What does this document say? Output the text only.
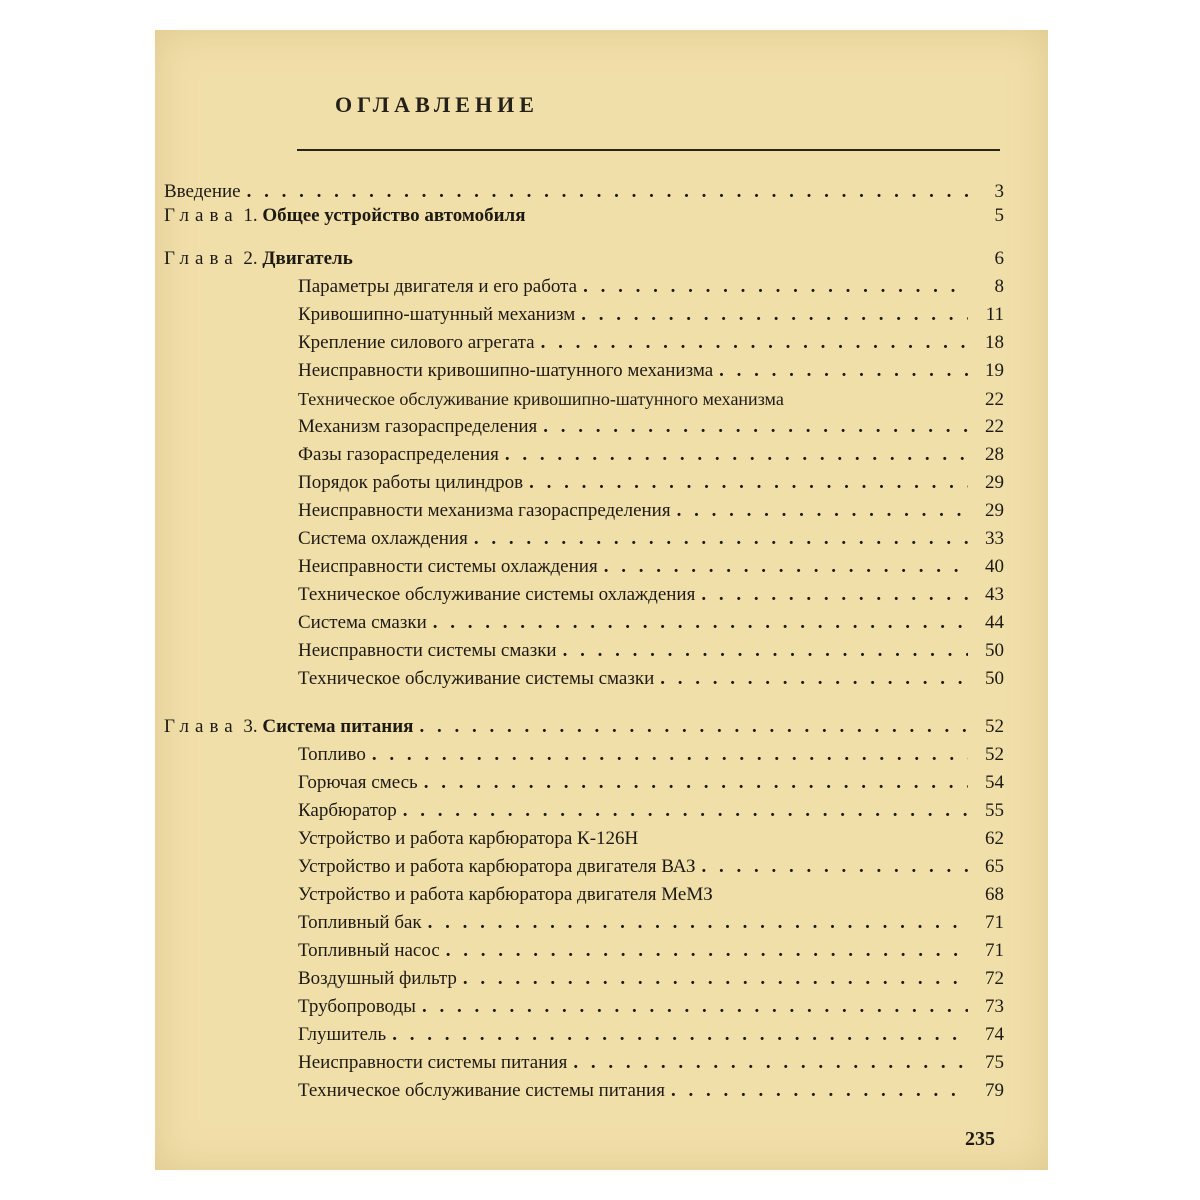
ОГЛАВЛЕНИЕ
Введение . . .	3
Глава 1. Общее устройство автомобиля	5
Глава 2. Двигатель	6
Параметры двигателя и его работа . . .	8
Кривошипно-шатунный механизм . . .	11
Крепление силового агрегата . . .	18
Неисправности кривошипно-шатунного механизма . . .	19
Техническое обслуживание кривошипно-шатунного механизма	22
Механизм газораспределения . . .	22
Фазы газораспределения . . .	28
Порядок работы цилиндров . . .	29
Неисправности механизма газораспределения . . .	29
Система охлаждения . . .	33
Неисправности системы охлаждения . . .	40
Техническое обслуживание системы охлаждения . . .	43
Система смазки . . .	44
Неисправности системы смазки . . .	50
Техническое обслуживание системы смазки . . .	50
Глава 3. Система питания . . .	52
Топливо . . .	52
Горючая смесь . . .	54
Карбюратор . . .	55
Устройство и работа карбюратора К-126Н	62
Устройство и работа карбюратора двигателя ВАЗ . . .	65
Устройство и работа карбюратора двигателя МеМЗ	68
Топливный бак . . .	71
Топливный насос . . .	71
Воздушный фильтр . . .	72
Трубопроводы . . .	73
Глушитель . . .	74
Неисправности системы питания . . .	75
Техническое обслуживание системы питания . . .	79
235
